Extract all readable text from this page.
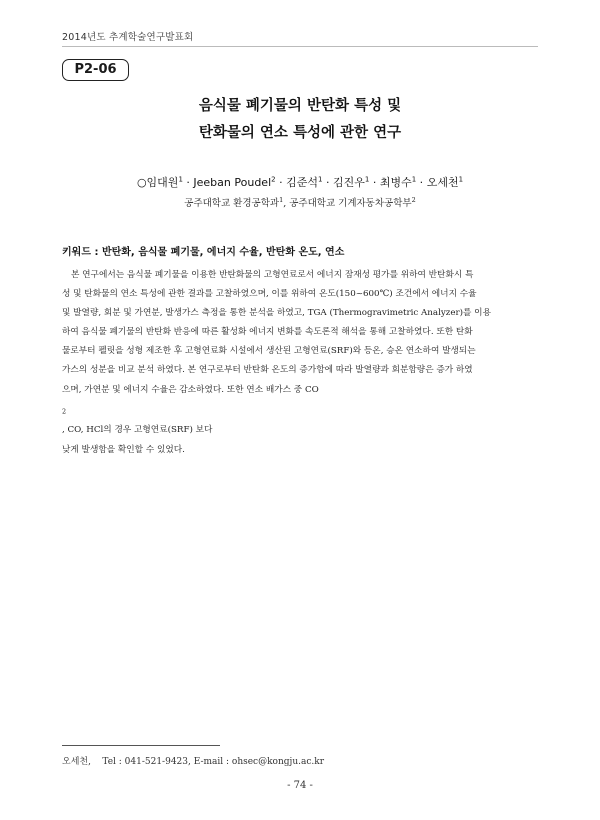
2014년도 추계학술연구발표회
P2-06
음식물 폐기물의 반탄화 특성 및
탄화물의 연소 특성에 관한 연구
○임대원$^1$ · Jeeban Poudel$^2$ · 김준석$^1$ · 김진우$^1$ · 최병수$^1$ · 오세천$^1$
공주대학교 환경공학과$^1$, 공주대학교 기계자동차공학부$^2$
키워드 : 반탄화, 음식물 폐기물, 에너지 수율, 반탄화 온도, 연소
본 연구에서는 음식물 폐기물을 이용한 반탄화물의 고형연료로서 에너지 잠재성 평가를 위하여 반탄화시 특
성 및 탄화물의 연소 특성에 관한 결과를 고찰하였으며, 이를 위하여 온도(150~600℃) 조건에서 에너지 수율
및 발열량, 회분 및 가연분, 발생가스 측정을 통한 분석을 하였고, TGA (Thermogravimetric Analyzer)를 이용
하여 음식물 폐기물의 반탄화 반응에 따른 활성화 에너지 변화를 속도론적 해석을 통해 고찰하였다. 또한 탄화
물로부터 펠릿을 성형 제조한 후 고형연료화 시설에서 생산된 고형연료(SRF)와 등온, 승온 연소하여 발생되는
가스의 성분을 비교 분석 하였다. 본 연구로부터 반탄화 온도의 증가함에 따라 발열량과 회분함량은 증가 하였
으며, 가연분 및 에너지 수율은 감소하였다. 또한 연소 배가스 중 CO
$_2$
, CO, HCl의 경우 고형연료(SRF) 보다
낮게 발생함을 확인할 수 있었다.
오세천,    Tel : 041-521-9423, E-mail : ohsec@kongju.ac.kr
- 74 -
